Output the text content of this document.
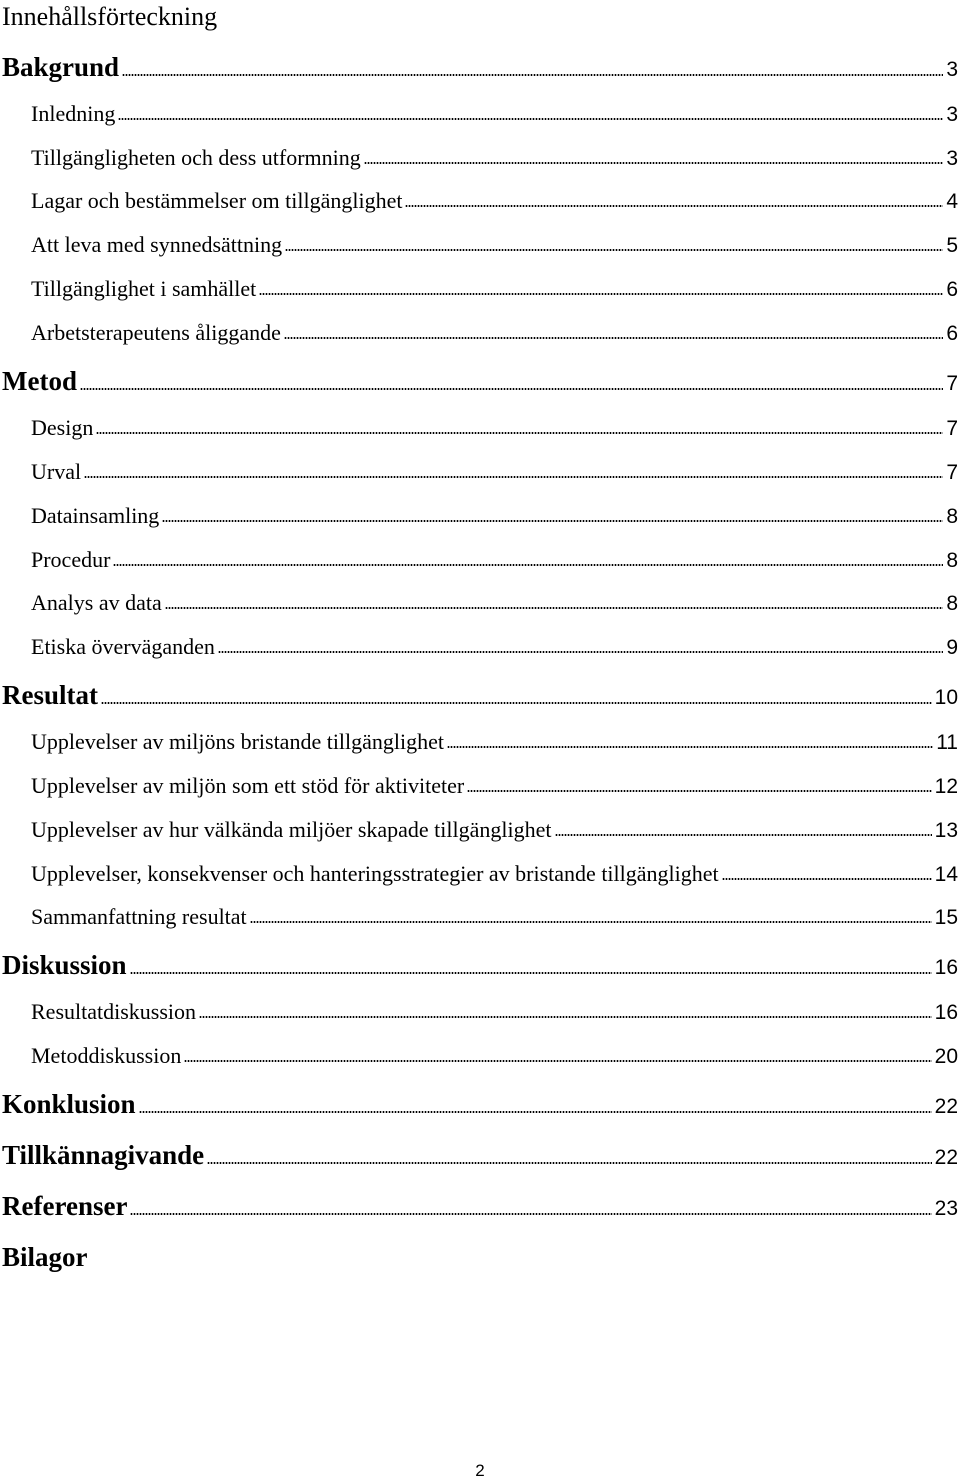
Innehållsförteckning
Bakgrund	3
Inledning	3
Tillgängligheten och dess utformning	3
Lagar och bestämmelser om tillgänglighet	4
Att leva med synnedsättning	5
Tillgänglighet i samhället	6
Arbetsterapeutens åliggande	6
Metod	7
Design	7
Urval	7
Datainsamling	8
Procedur	8
Analys av data	8
Etiska överväganden	9
Resultat	10
Upplevelser av miljöns bristande tillgänglighet	11
Upplevelser av miljön som ett stöd för aktiviteter	12
Upplevelser av hur välkända miljöer skapade tillgänglighet	13
Upplevelser, konsekvenser och hanteringsstrategier av bristande tillgänglighet	14
Sammanfattning resultat	15
Diskussion	16
Resultatdiskussion	16
Metoddiskussion	20
Konklusion	22
Tillkännagivande	22
Referenser	23
Bilagor
2
